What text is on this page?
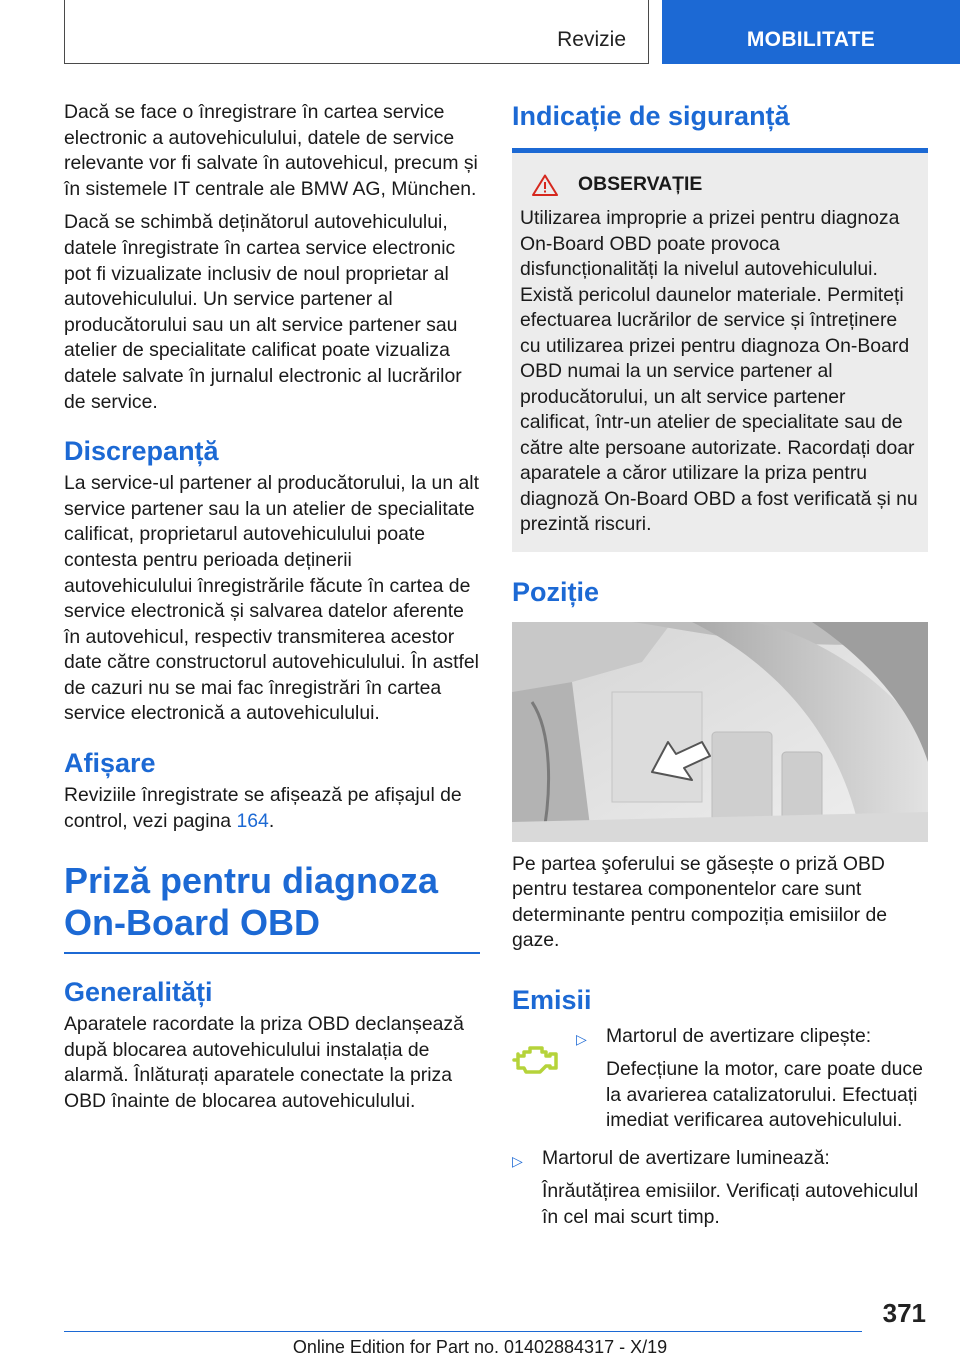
Revizie	MOBILITATE

Dacă se face o înregistrare în cartea service electronic a autovehiculului, datele de service relevante vor fi salvate în autovehicul, precum și în sistemele IT centrale ale BMW AG, München.

Dacă se schimbă deținătorul autovehiculului, datele înregistrate în cartea service electronic pot fi vizualizate inclusiv de noul proprietar al autovehiculului. Un service partener al producătorului sau un alt service partener sau atelier de specialitate calificat poate vizualiza datele salvate în jurnalul electronic al lucrărilor de service.

Discrepanță

La service-ul partener al producătorului, la un alt service partener sau la un atelier de specialitate calificat, proprietarul autovehiculului poate contesta pentru perioada deținerii autovehiculului înregistrările făcute în cartea de service electronică și salvarea datelor aferente în autovehicul, respectiv transmiterea acestor date către constructorul autovehiculului. În astfel de cazuri nu se mai fac înregistrări în cartea service electronică a autovehiculului.

Afișare

Reviziile înregistrate se afișează pe afișajul de control, vezi pagina 164.

Priză pentru diagnoza On-Board OBD
Generalități

Aparatele racordate la priza OBD declanșează după blocarea autovehiculului instalația de alarmă. Înlăturați aparatele conectate la priza OBD înainte de blocarea autovehiculului.

Indicație de siguranță
OBSERVAȚIE

Utilizarea improprie a prizei pentru diagnoza On-Board OBD poate provoca disfuncționalități la nivelul autovehiculului. Există pericolul daunelor materiale. Permiteți efectuarea lucrărilor de service și întreținere cu utilizarea prizei pentru diagnoza On-Board OBD numai la un service partener al producătorului, un alt service partener calificat, într-un atelier de specialitate sau de către alte persoane autorizate. Racordați doar aparatele a căror utilizare la priza pentru diagnoză On-Board OBD a fost verificată și nu prezintă riscuri.

Poziție

Pe partea şoferului se găsește o priză OBD pentru testarea componentelor care sunt determinante pentru compoziția emisiilor de gaze.

Emisii
▷ Martorul de avertizare clipește:

Defecțiune la motor, care poate duce la avarierea catalizatorului. Efectuați imediat verificarea autovehiculului.

▷ Martorul de avertizare luminează:

Înrăutățirea emisiilor. Verificați autovehiculul în cel mai scurt timp.

371
Online Edition for Part no. 01402884317 - X/19
